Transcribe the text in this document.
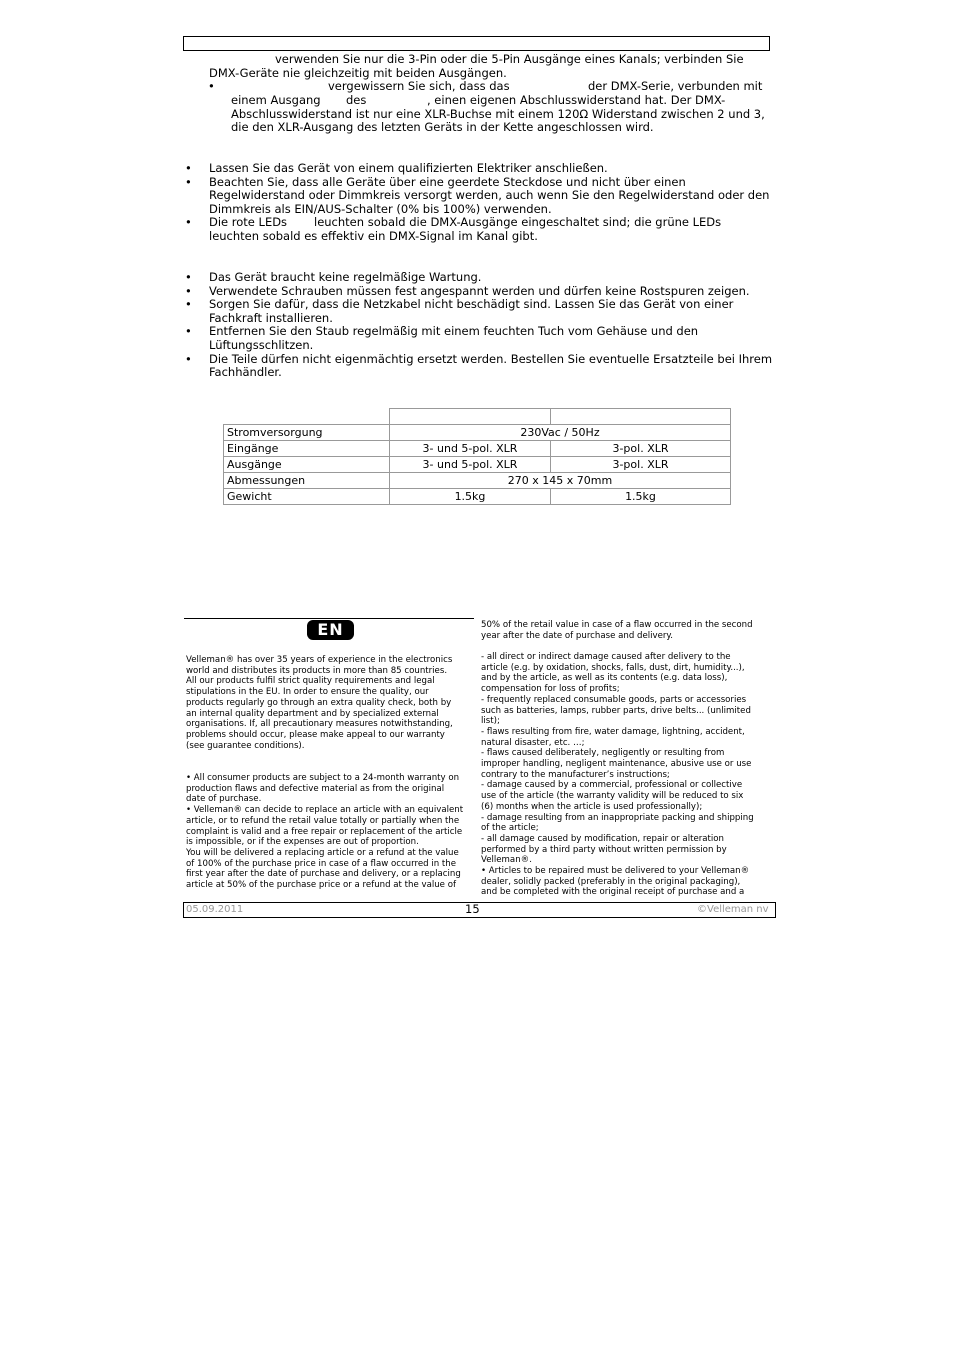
verwenden Sie nur die 3-Pin oder die 5-Pin Ausgänge eines Kanals; verbinden Sie
DMX-Geräte nie gleichzeitig mit beiden Ausgängen.
•	vergewissern Sie sich, dass das	der DMX-Serie, verbunden mit
einem Ausgang des	, einen eigenen Abschlusswiderstand hat. Der DMX-
Abschlusswiderstand ist nur eine XLR-Buchse mit einem 120Ω Widerstand zwischen 2 und 3,
die den XLR-Ausgang des letzten Geräts in der Kette angeschlossen wird.
• Lassen Sie das Gerät von einem qualifizierten Elektriker anschließen.
• Beachten Sie, dass alle Geräte über eine geerdete Steckdose und nicht über einen
Regelwiderstand oder Dimmkreis versorgt werden, auch wenn Sie den Regelwiderstand oder den
Dimmkreis als EIN/AUS-Schalter (0% bis 100%) verwenden.
• Die rote LEDs leuchten sobald die DMX-Ausgänge eingeschaltet sind; die grüne LEDs
leuchten sobald es effektiv ein DMX-Signal im Kanal gibt.
• Das Gerät braucht keine regelmäßige Wartung.
• Verwendete Schrauben müssen fest angespannt werden und dürfen keine Rostspuren zeigen.
• Sorgen Sie dafür, dass die Netzkabel nicht beschädigt sind. Lassen Sie das Gerät von einer
Fachkraft installieren.
• Entfernen Sie den Staub regelmäßig mit einem feuchten Tuch vom Gehäuse und den
Lüftungsschlitzen.
• Die Teile dürfen nicht eigenmächtig ersetzt werden. Bestellen Sie eventuelle Ersatzteile bei Ihrem
Fachhändler.

Stromversorgung	230Vac / 50Hz	
Eingänge	3- und 5-pol. XLR	3-pol. XLR
Ausgänge	3- und 5-pol. XLR	3-pol. XLR
Abmessungen	270 x 145 x 70mm	
Gewicht	1.5kg	1.5kg
EN
Velleman® has over 35 years of experience in the electronics
world and distributes its products in more than 85 countries.
All our products fulfil strict quality requirements and legal
stipulations in the EU. In order to ensure the quality, our
products regularly go through an extra quality check, both by
an internal quality department and by specialized external
organisations. If, all precautionary measures notwithstanding,
problems should occur, please make appeal to our warranty
(see guarantee conditions).
• All consumer products are subject to a 24-month warranty on
production flaws and defective material as from the original
date of purchase.
• Velleman® can decide to replace an article with an equivalent
article, or to refund the retail value totally or partially when the
complaint is valid and a free repair or replacement of the article
is impossible, or if the expenses are out of proportion.
You will be delivered a replacing article or a refund at the value
of 100% of the purchase price in case of a flaw occurred in the
first year after the date of purchase and delivery, or a replacing
article at 50% of the purchase price or a refund at the value of
50% of the retail value in case of a flaw occurred in the second
year after the date of purchase and delivery.
- all direct or indirect damage caused after delivery to the
article (e.g. by oxidation, shocks, falls, dust, dirt, humidity...),
and by the article, as well as its contents (e.g. data loss),
compensation for loss of profits;
- frequently replaced consumable goods, parts or accessories
such as batteries, lamps, rubber parts, drive belts... (unlimited
list);
- flaws resulting from fire, water damage, lightning, accident,
natural disaster, etc. …;
- flaws caused deliberately, negligently or resulting from
improper handling, negligent maintenance, abusive use or use
contrary to the manufacturer’s instructions;
- damage caused by a commercial, professional or collective
use of the article (the warranty validity will be reduced to six
(6) months when the article is used professionally);
- damage resulting from an inappropriate packing and shipping
of the article;
- all damage caused by modification, repair or alteration
performed by a third party without written permission by
Velleman®.
• Articles to be repaired must be delivered to your Velleman®
dealer, solidly packed (preferably in the original packaging),
and be completed with the original receipt of purchase and a
05.09.2011	15	©Velleman nv
